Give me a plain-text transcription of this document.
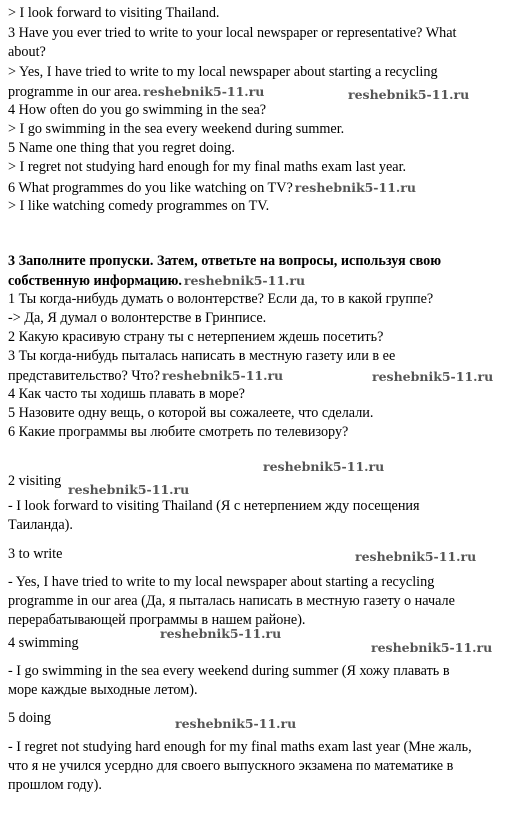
> I look forward to visiting Thailand.
3 Have you ever tried to write to your local newspaper or representative? What
about?
> Yes, I have tried to write to my local newspaper about starting a recycling
programme in our area. reshebnik5-11.ru	reshebnik5-11.ru
4 How often do you go swimming in the sea?
> I go swimming in the sea every weekend during summer.
5 Name one thing that you regret doing.
> I regret not studying hard enough for my final maths exam last year.
6 What programmes do you like watching on TV? reshebnik5-11.ru
> I like watching comedy programmes on TV.
3 Заполните пропуски. Затем, ответьте на вопросы, используя свою
собственную информацию. reshebnik5-11.ru
1 Ты когда-нибудь думать о волонтерстве? Если да, то в какой группе?
-> Да, Я думал о волонтерстве в Гринписе.
2 Какую красивую страну ты с нетерпением ждешь посетить?
3 Ты когда-нибудь пыталась написать в местную газету или в ее
представительство? Что? reshebnik5-11.ru	reshebnik5-11.ru
4 Как часто ты ходишь плавать в море?
5 Назовите одну вещь, о которой вы сожалеете, что сделали.
6 Какие программы вы любите смотреть по телевизору?
reshebnik5-11.ru
2 visiting
reshebnik5-11.ru
- I look forward to visiting Thailand (Я с нетерпением жду посещения
Таиланда).
3 to write	reshebnik5-11.ru
- Yes, I have tried to write to my local newspaper about starting a recycling
programme in our area (Да, я пыталась написать в местную газету о начале
перерабатывающей программы в нашем районе).
reshebnik5-11.ru
4 swimming	reshebnik5-11.ru
- I go swimming in the sea every weekend during summer (Я хожу плавать в
море каждые выходные летом).
5 doing	reshebnik5-11.ru
- I regret not studying hard enough for my final maths exam last year (Мне жаль,
что я не учился усердно для своего выпускного экзамена по математике в
прошлом году).
